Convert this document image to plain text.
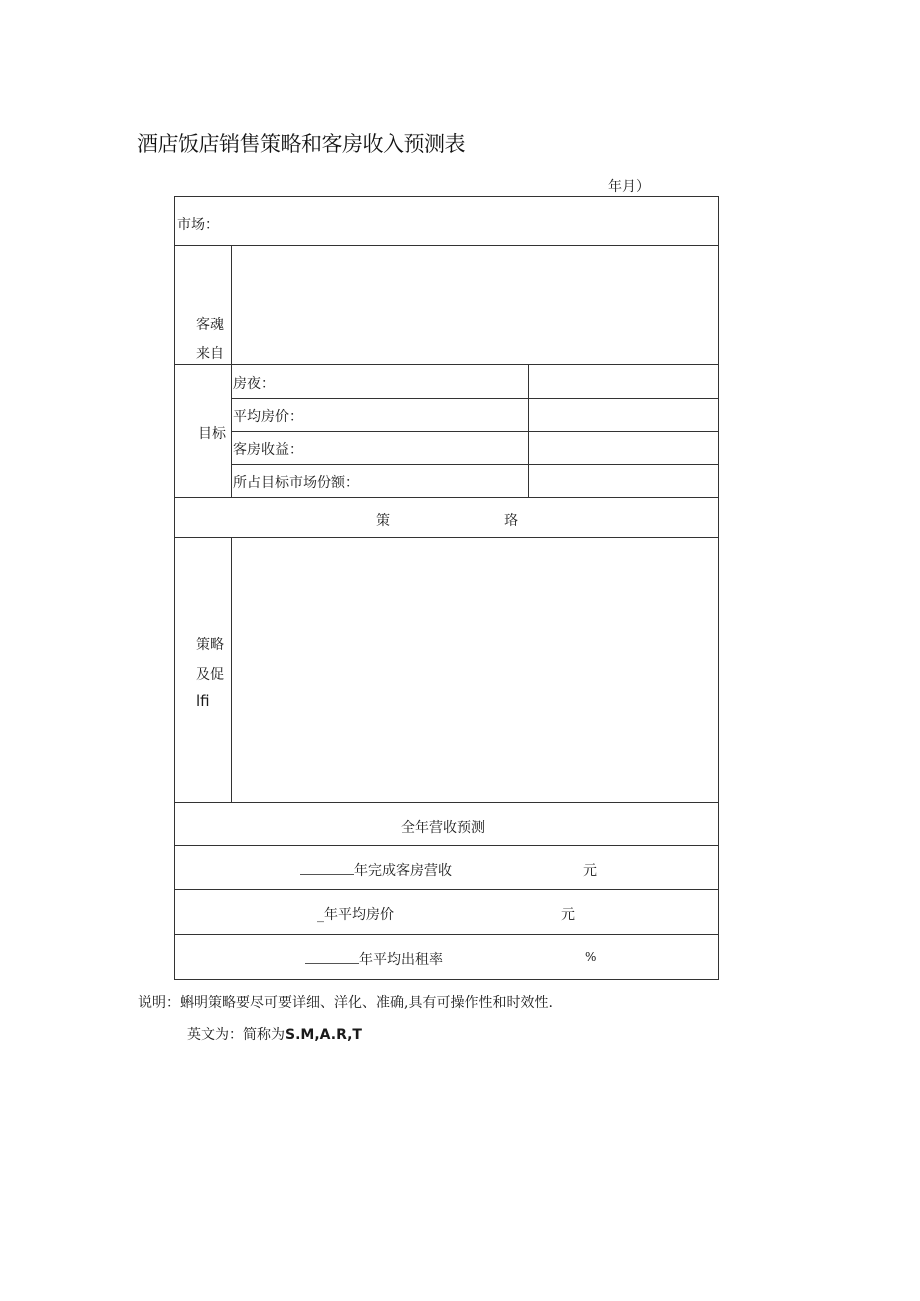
酒店饭店销售策略和客房收入预测表
年月）
市场：
客魂
来自
目标
房夜：
平均房价：
客房收益：
所占目标市场份额：
策	珞
策略
及促
lfi
全年营收预测
年完成客房营收	元
_年平均房价	元
年平均出租率	%
说明：蝌明策略要尽可要详细、洋化、准确,具有可操作性和时效性.
英文为：简称为S.M,A.R,T
